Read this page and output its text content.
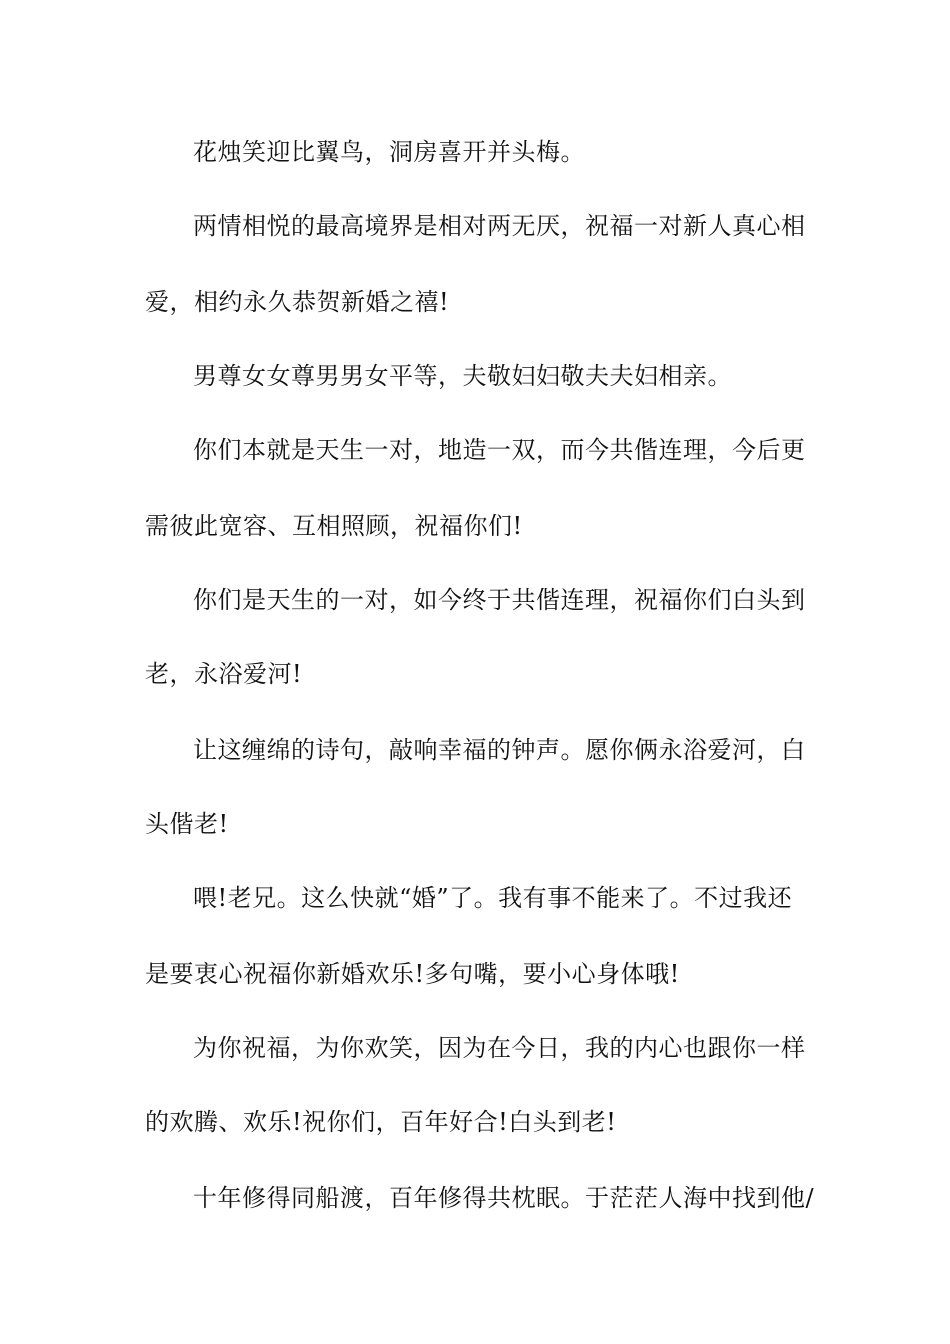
花烛笑迎比翼鸟，洞房喜开并头梅。
两情相悦的最高境界是相对两无厌，祝福一对新人真心相
爱，相约永久恭贺新婚之禧!
男尊女女尊男男女平等，夫敬妇妇敬夫夫妇相亲。
你们本就是天生一对，地造一双，而今共偕连理，今后更
需彼此宽容、互相照顾，祝福你们!
你们是天生的一对，如今终于共偕连理，祝福你们白头到
老，永浴爱河!
让这缠绵的诗句，敲响幸福的钟声。愿你俩永浴爱河，白
头偕老!
喂!老兄。这么快就“婚”了。我有事不能来了。不过我还
是要衷心祝福你新婚欢乐!多句嘴，要小心身体哦!
为你祝福，为你欢笑，因为在今日，我的内心也跟你一样
的欢腾、欢乐!祝你们，百年好合!白头到老!
十年修得同船渡，百年修得共枕眠。于茫茫人海中找到他/
